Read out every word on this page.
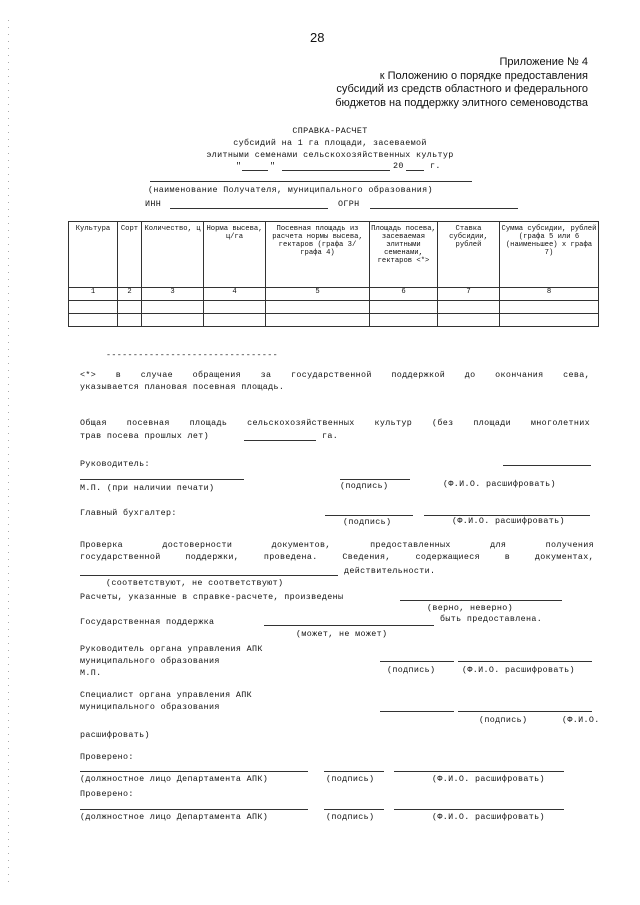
28
Приложение № 4
к Положению о порядке предоставления
субсидий из средств областного и федерального
бюджетов на поддержку элитного семеноводства
СПРАВКА-РАСЧЕТ
субсидий на 1 га площади, засеваемой
элитными семенами сельскохозяйственных культур
"	"	20	г.
(наименование Получателя, муниципального образования)
ИНН	ОГРН
Культура	Сорт	Количество, ц	Норма высева, ц/га	Посевная площадь из расчета нормы высева, гектаров (графа 3/ графа 4)	Площадь посева, засеваемая элитными семенами, гектаров <*>	Ставка субсидии, рублей	Сумма субсидии, рублей (графа 5 или 6 (наименьшее) x графа 7)
1	2	3	4	5	6	7	8

--------------------------------
<*> в случае обращения за государственной поддержкой до окончания сева,
указывается плановая посевная площадь.
Общая посевная площадь сельскохозяйственных культур (без площади многолетних
трав посева прошлых лет)	га.
Руководитель:
М.П. (при наличии печати)	(подпись)	(Ф.И.О. расшифровать)
Главный бухгалтер:
(подпись)	(Ф.И.О. расшифровать)
Проверка достоверности документов, предоставленных для получения
государственной поддержки, проведена. Сведения, содержащиеся в документах,
действительности.
(соответствуют, не соответствуют)
Расчеты, указанные в справке-расчете, произведены
(верно, неверно)
Государственная поддержка	быть предоставлена.
(может, не может)
Руководитель органа управления АПК
муниципального образования
М.П.	(подпись)	(Ф.И.О. расшифровать)
Специалист органа управления АПК
муниципального образования
(подпись)	(Ф.И.О.
расшифровать)
Проверено:
(должностное лицо Департамента АПК)	(подпись)	(Ф.И.О. расшифровать)
Проверено:
(должностное лицо Департамента АПК)	(подпись)	(Ф.И.О. расшифровать)
